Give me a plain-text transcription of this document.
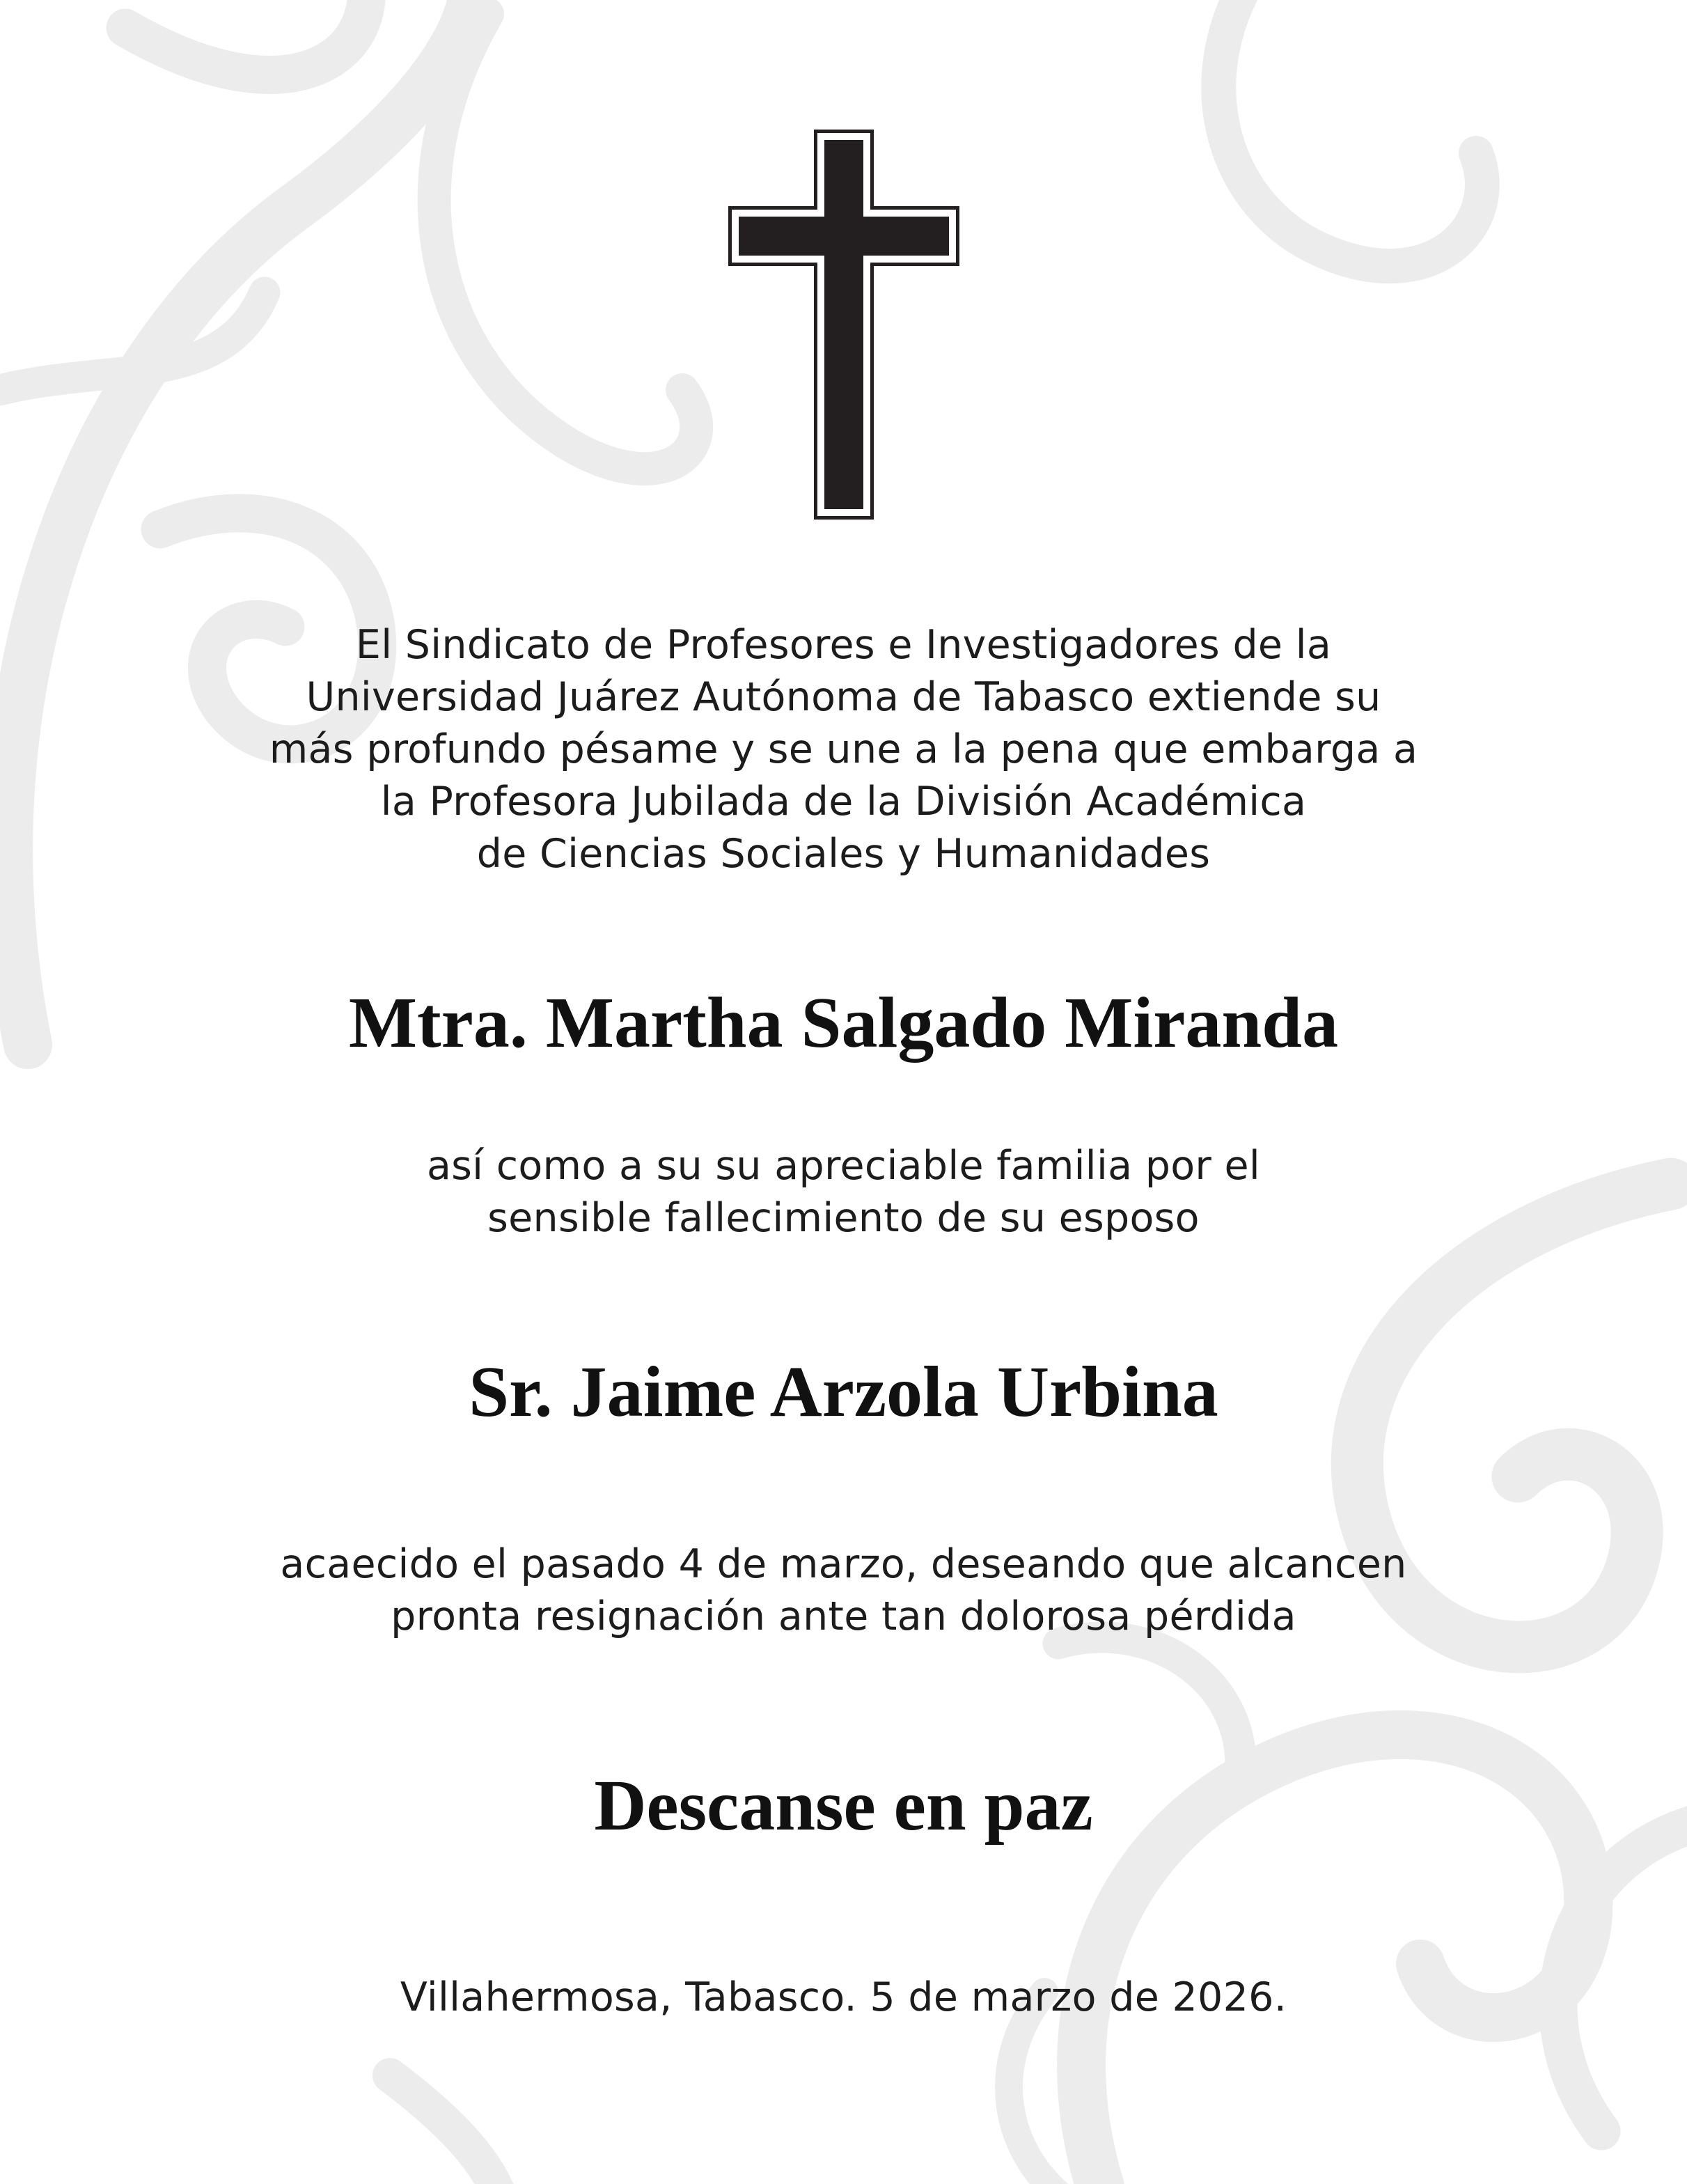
El Sindicato de Profesores e Investigadores de la
Universidad Juárez Autónoma de Tabasco extiende su
más profundo pésame y se une a la pena que embarga a
la Profesora Jubilada de la División Académica
de Ciencias Sociales y Humanidades
Mtra. Martha Salgado Miranda
así como a su su apreciable familia por el
sensible fallecimiento de su esposo
Sr. Jaime Arzola Urbina
acaecido el pasado 4 de marzo, deseando que alcancen
pronta resignación ante tan dolorosa pérdida
Descanse en paz
Villahermosa, Tabasco. 5 de marzo de 2026.
